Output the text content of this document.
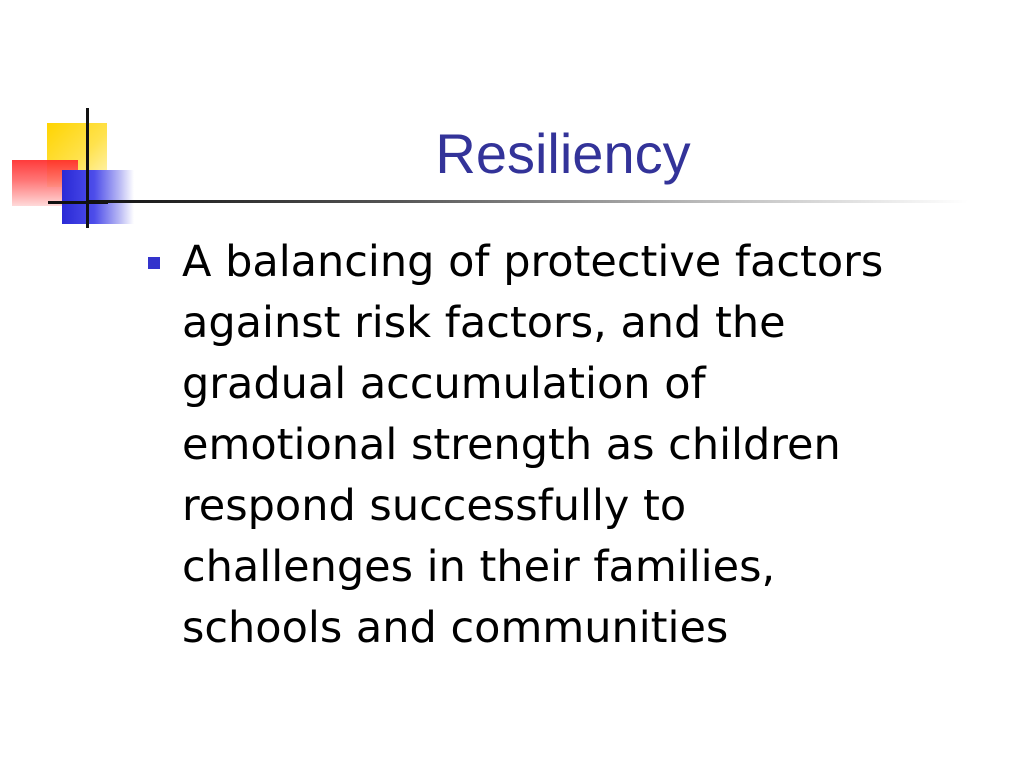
Resiliency
A balancing of protective factors
against risk factors, and the
gradual accumulation of
emotional strength as children
respond successfully to
challenges in their families,
schools and communities
